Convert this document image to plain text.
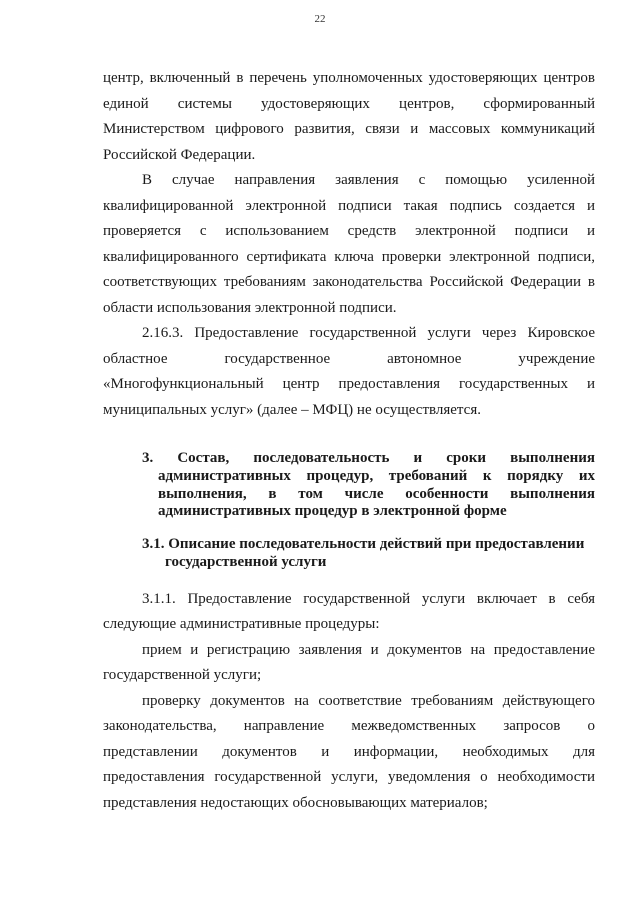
22

центр, включенный в перечень уполномоченных удостоверяющих центров единой системы удостоверяющих центров, сформированный Министерством цифрового развития, связи и массовых коммуникаций Российской Федерации.

В случае направления заявления с помощью усиленной квалифицированной электронной подписи такая подпись создается и проверяется с использованием средств электронной подписи и квалифицированного сертификата ключа проверки электронной подписи, соответствующих требованиям законодательства Российской Федерации в области использования электронной подписи.

2.16.3. Предоставление государственной услуги через Кировское областное государственное автономное учреждение «Многофункциональный центр предоставления государственных и муниципальных услуг» (далее – МФЦ) не осуществляется.

3. Состав, последовательность и сроки выполнения административных процедур, требований к порядку их выполнения, в том числе особенности выполнения административных процедур в электронной форме

3.1. Описание последовательности действий при предоставлении государственной услуги

3.1.1. Предоставление государственной услуги включает в себя следующие административные процедуры:

прием и регистрацию заявления и документов на предоставление государственной услуги;

проверку документов на соответствие требованиям действующего законодательства, направление межведомственных запросов о представлении документов и информации, необходимых для предоставления государственной услуги, уведомления о необходимости представления недостающих обосновывающих материалов;
